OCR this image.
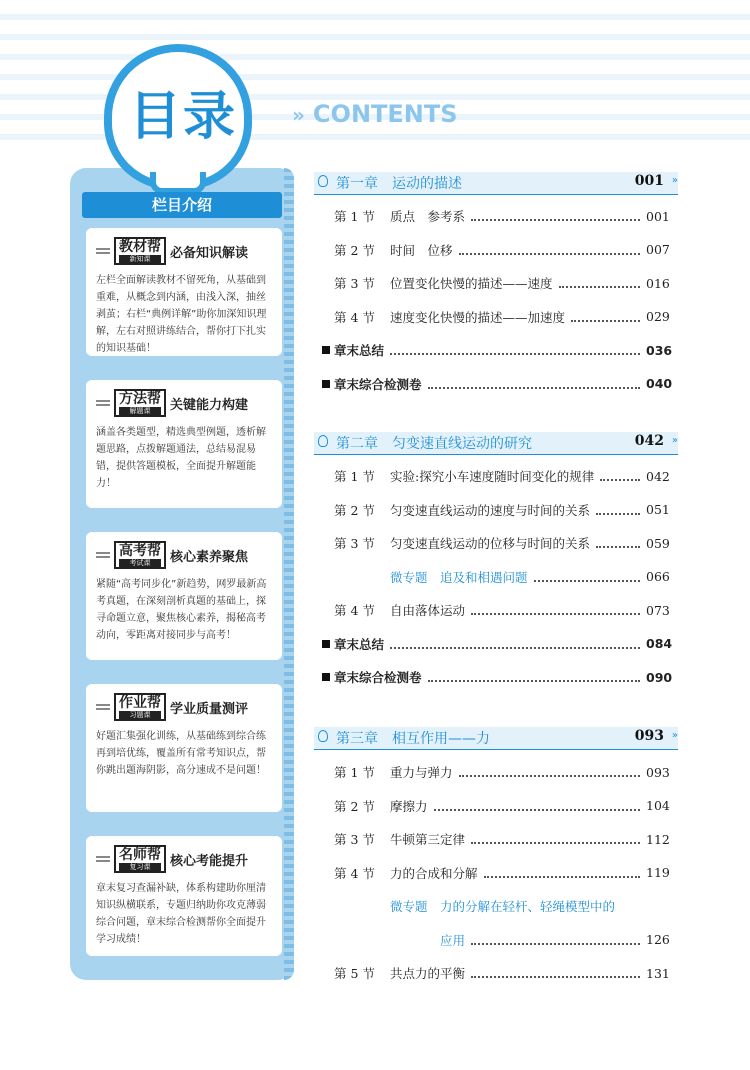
目录	» CONTENTS
栏目介绍
教材帮
新知课	必备知识解读
左栏全面解读教材不留死角，从基础到重难，从概念到内涵，由浅入深，抽丝剥茧；右栏“典例详解”助你加深知识理解，左右对照讲练结合，帮你打下扎实的知识基础！
方法帮
解题课	关键能力构建
涵盖各类题型，精选典型例题，透析解题思路，点拨解题通法，总结易混易错，提供答题模板，全面提升解题能力！
高考帮
考试课	核心素养聚焦
紧随“高考同步化”新趋势，网罗最新高考真题，在深刻剖析真题的基础上，探寻命题立意，聚焦核心素养，揭秘高考动向，零距离对接同步与高考！
作业帮
习题课	学业质量测评
好题汇集强化训练，从基础练到综合练再到培优练，覆盖所有常考知识点，帮你跳出题海阴影，高分速成不是问题！
名师帮
复习课	核心考能提升
章末复习查漏补缺，体系构建助你厘清知识纵横联系，专题归纳助你攻克薄弱综合问题，章末综合检测帮你全面提升学习成绩！
第一章 运动的描述	001 »
第 1 节	质点　参考系	001
第 2 节	时间　位移	007
第 3 节	位置变化快慢的描述——速度	016
第 4 节	速度变化快慢的描述——加速度	029
章末总结	036
章末综合检测卷	040
第二章 匀变速直线运动的研究	042 »
第 1 节	实验:探究小车速度随时间变化的规律	042
第 2 节	匀变速直线运动的速度与时间的关系	051
第 3 节	匀变速直线运动的位移与时间的关系	059
微专题　追及和相遇问题	066
第 4 节	自由落体运动	073
章末总结	084
章末综合检测卷	090
第三章 相互作用——力	093 »
第 1 节	重力与弹力	093
第 2 节	摩擦力	104
第 3 节	牛顿第三定律	112
第 4 节	力的合成和分解	119
微专题　力的分解在轻杆、轻绳模型中的
应用	126
第 5 节	共点力的平衡	131
